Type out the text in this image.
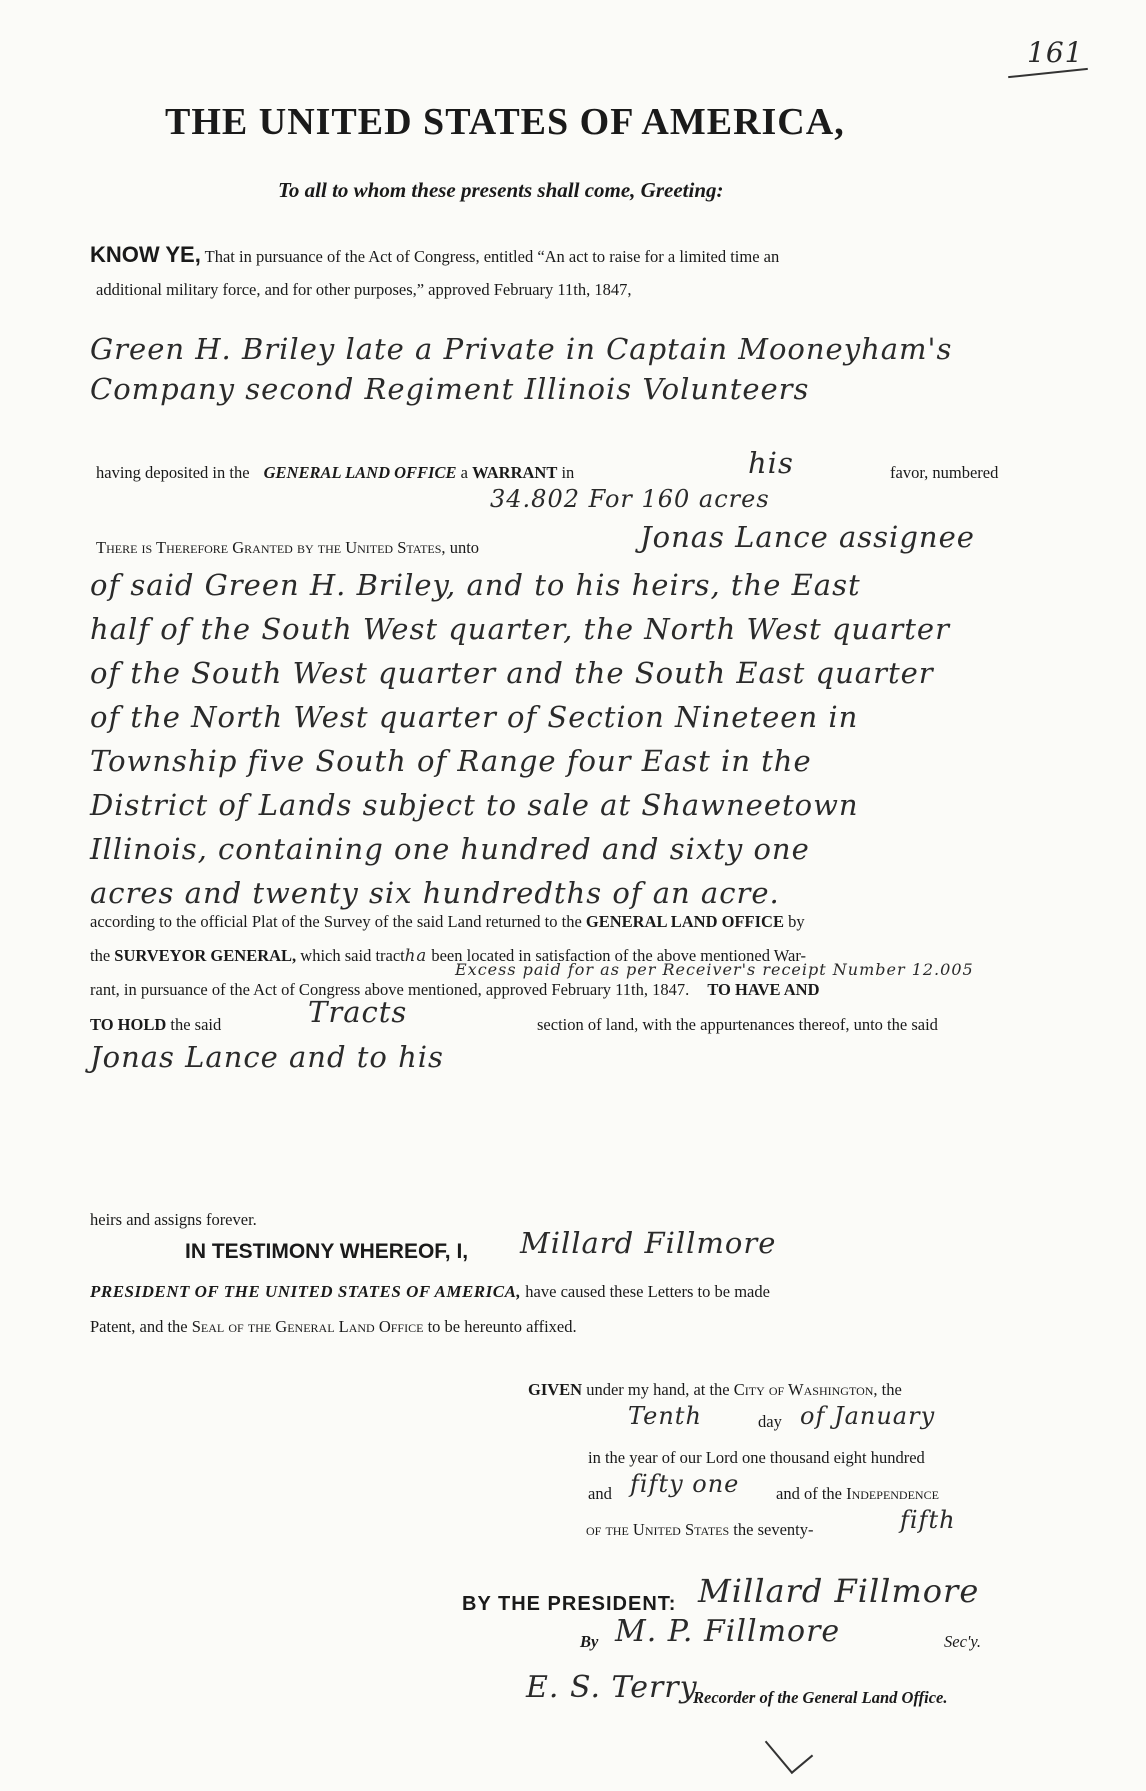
161
THE UNITED STATES OF AMERICA,
To all to whom these presents shall come, Greeting:
KNOW YE, That in pursuance of the Act of Congress, entitled “An act to raise for a limited time an
additional military force, and for other purposes,” approved February 11th, 1847,
Green H. Briley late a Private in Captain Mooneyham's
Company second Regiment Illinois Volunteers
having deposited in the GENERAL LAND OFFICE a WARRANT in	his	favor, numbered
34.802 For 160 acres
There is Therefore Granted by the United States, unto	Jonas Lance assignee
of said Green H. Briley, and to his heirs, the East
half of the South West quarter, the North West quarter
of the South West quarter and the South East quarter
of the North West quarter of Section Nineteen in
Township five South of Range four East in the
District of Lands subject to sale at Shawneetown
Illinois, containing one hundred and sixty one
acres and twenty six hundredths of an acre.
according to the official Plat of the Survey of the said Land returned to the GENERAL LAND OFFICE by
the SURVEYOR GENERAL, which said tractha been located in satisfaction of the above mentioned War-
Excess paid for as per Receiver's receipt Number 12.005
rant, in pursuance of the Act of Congress above mentioned, approved February 11th, 1847. TO HAVE AND
TO HOLD the said	Tracts	section of land, with the appurtenances thereof, unto the said
Jonas Lance and to his
heirs and assigns forever.
IN TESTIMONY WHEREOF, I, Millard Fillmore
PRESIDENT OF THE UNITED STATES OF AMERICA, have caused these Letters to be made
Patent, and the Seal of the General Land Office to be hereunto affixed.
GIVEN under my hand, at the City of Washington, the
Tenth	day of January
in the year of our Lord one thousand eight hundred
and fifty one and of the Independence
of the United States the seventy-	fifth
BY THE PRESIDENT: Millard Fillmore
By M. P. Fillmore	Sec'y.
E. S. Terry
Recorder of the General Land Office.
